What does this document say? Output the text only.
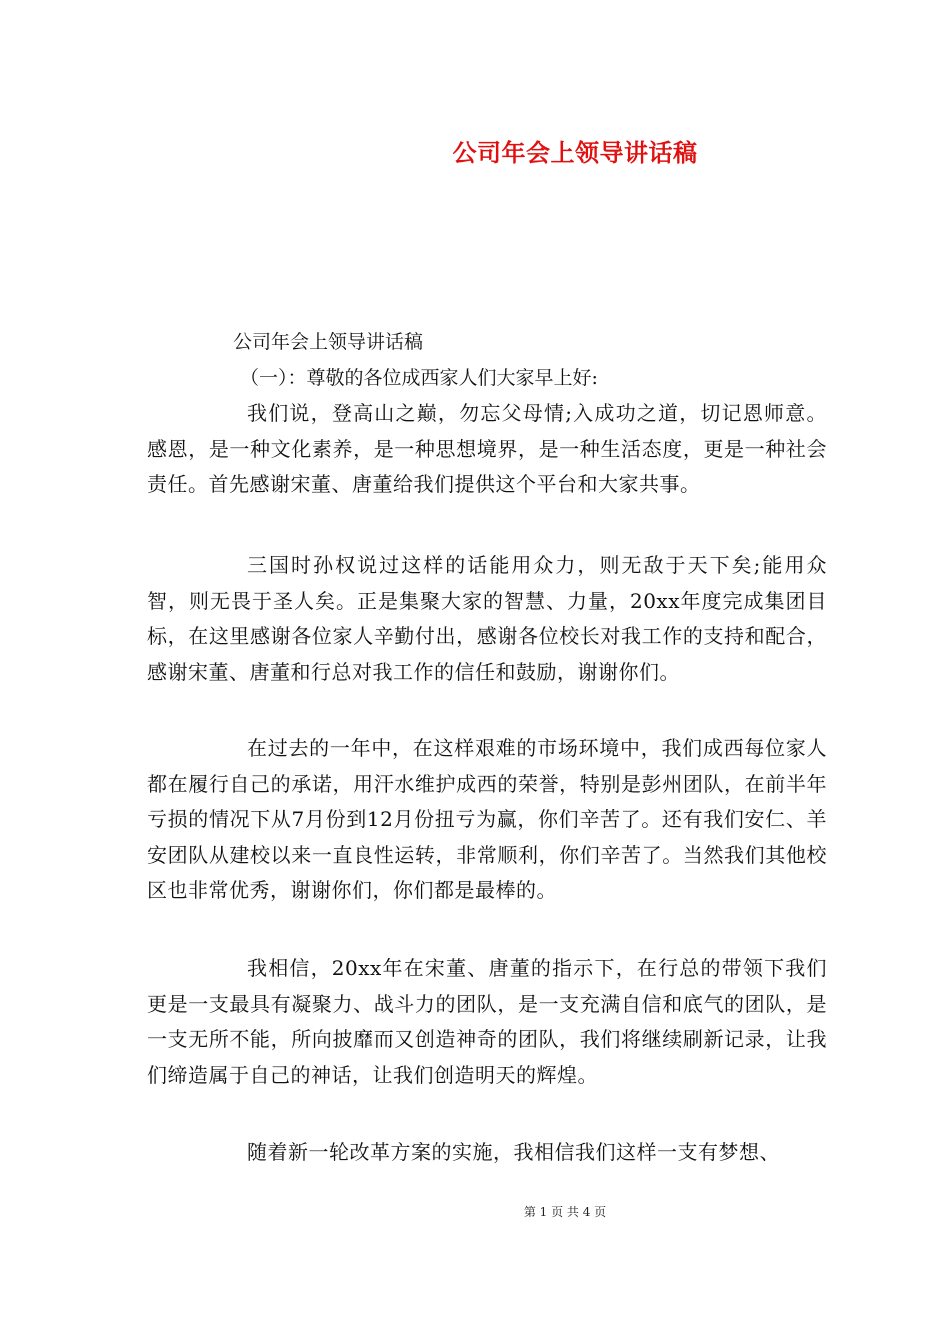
公司年会上领导讲话稿
公司年会上领导讲话稿
（一）：尊敬的各位成西家人们大家早上好:

我们说，登高山之巅，勿忘父母情;入成功之道，切记恩师意。感恩，是一种文化素养，是一种思想境界，是一种生活态度，更是一种社会责任。首先感谢宋董、唐董给我们提供这个平台和大家共事。

三国时孙权说过这样的话能用众力，则无敌于天下矣;能用众智，则无畏于圣人矣。正是集聚大家的智慧、力量，20xx年度完成集团目标，在这里感谢各位家人辛勤付出，感谢各位校长对我工作的支持和配合，感谢宋董、唐董和行总对我工作的信任和鼓励，谢谢你们。

在过去的一年中，在这样艰难的市场环境中，我们成西每位家人都在履行自己的承诺，用汗水维护成西的荣誉，特别是彭州团队，在前半年亏损的情况下从7月份到12月份扭亏为赢，你们辛苦了。还有我们安仁、羊安团队从建校以来一直良性运转，非常顺利，你们辛苦了。当然我们其他校区也非常优秀，谢谢你们，你们都是最棒的。

我相信，20xx年在宋董、唐董的指示下，在行总的带领下我们更是一支最具有凝聚力、战斗力的团队，是一支充满自信和底气的团队，是一支无所不能，所向披靡而又创造神奇的团队，我们将继续刷新记录，让我们缔造属于自己的神话，让我们创造明天的辉煌。

随着新一轮改革方案的实施，我相信我们这样一支有梦想、

第 1 页 共 4 页
